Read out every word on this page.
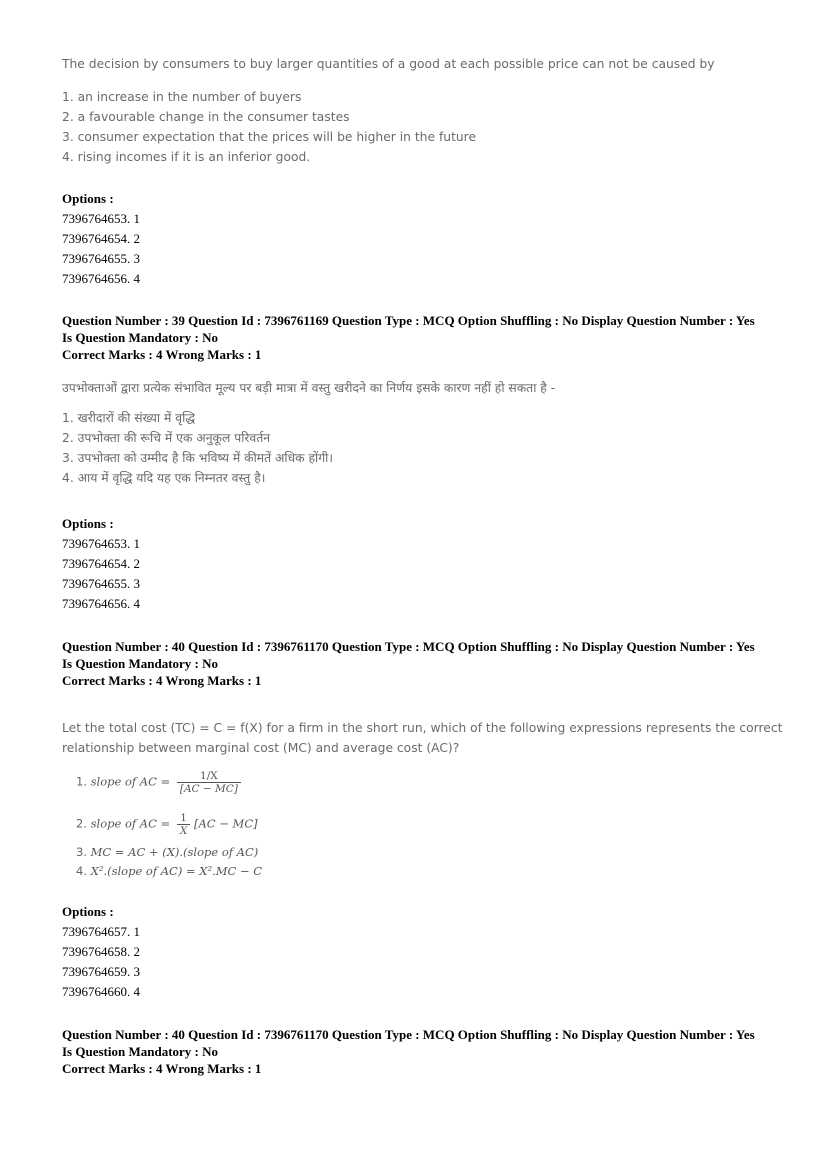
The decision by consumers to buy larger quantities of a good at each possible price can not be caused by
1. an increase in the number of buyers
2. a favourable change in the consumer tastes
3. consumer expectation that the prices will be higher in the future
4. rising incomes if it is an inferior good.
Options :
7396764653. 1
7396764654. 2
7396764655. 3
7396764656. 4
Question Number : 39 Question Id : 7396761169 Question Type : MCQ Option Shuffling : No Display Question Number : Yes
Is Question Mandatory : No
Correct Marks : 4 Wrong Marks : 1
उपभोक्ताओं द्वारा प्रत्येक संभावित मूल्य पर बड़ी मात्रा में वस्तु खरीदने का निर्णय इसके कारण नहीं हो सकता है -
1. खरीदारों की संख्या में वृद्धि
2. उपभोक्ता की रूचि में एक अनुकूल परिवर्तन
3. उपभोक्ता को उम्मीद है कि भविष्य में कीमतें अधिक होंगी।
4. आय में वृद्धि यदि यह एक निम्नतर वस्तु है।
Options :
7396764653. 1
7396764654. 2
7396764655. 3
7396764656. 4
Question Number : 40 Question Id : 7396761170 Question Type : MCQ Option Shuffling : No Display Question Number : Yes
Is Question Mandatory : No
Correct Marks : 4 Wrong Marks : 1
Let the total cost (TC) = C = f(X) for a firm in the short run, which of the following expressions represents the correct
relationship between marginal cost (MC) and average cost (AC)?
1. slope of AC = $\frac{1/X}{[AC - MC]}$
2. slope of AC = $\frac{1}{X} [AC - MC]$
3. MC = AC + (X).(slope of AC)
4. X².(slope of AC) = X².MC − C
Options :
7396764657. 1
7396764658. 2
7396764659. 3
7396764660. 4
Question Number : 40 Question Id : 7396761170 Question Type : MCQ Option Shuffling : No Display Question Number : Yes
Is Question Mandatory : No
Correct Marks : 4 Wrong Marks : 1
